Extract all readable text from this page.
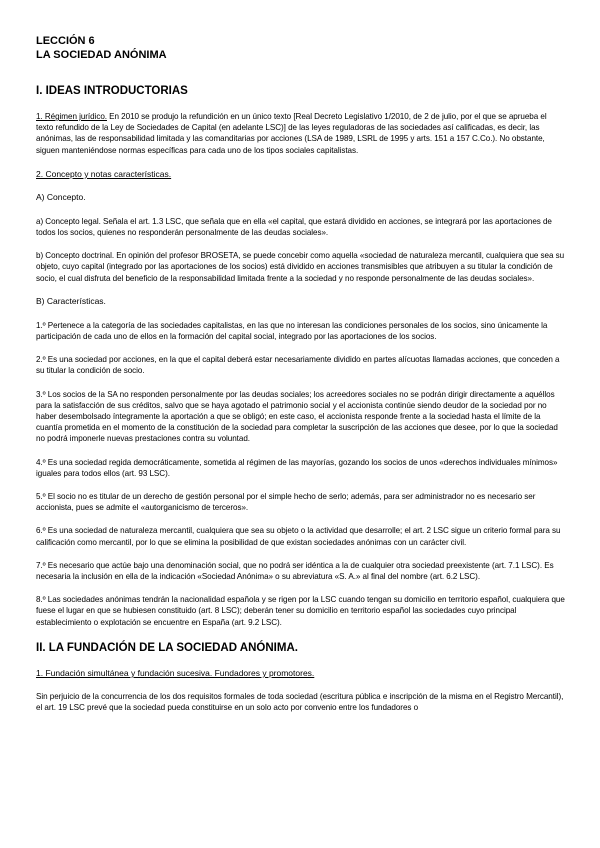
LECCIÓN 6

LA SOCIEDAD ANÓNIMA

I. IDEAS INTRODUCTORIAS

1. Régimen jurídico. En 2010 se produjo la refundición en un único texto [Real Decreto Legislativo 1/2010, de 2 de julio, por el que se aprueba el texto refundido de la Ley de Sociedades de Capital (en adelante LSC)] de las leyes reguladoras de las sociedades así calificadas, es decir, las anónimas, las de responsabilidad limitada y las comanditarias por acciones (LSA de 1989, LSRL de 1995 y arts. 151 a 157 C.Co.). No obstante, siguen manteniéndose normas específicas para cada uno de los tipos sociales capitalistas.

2. Concepto y notas características.

A) Concepto.

a) Concepto legal. Señala el art. 1.3 LSC, que señala que en ella «el capital, que estará dividido en acciones, se integrará por las aportaciones de todos los socios, quienes no responderán personalmente de las deudas sociales».

b) Concepto doctrinal. En opinión del profesor BROSETA, se puede concebir como aquella «sociedad de naturaleza mercantil, cualquiera que sea su objeto, cuyo capital (integrado por las aportaciones de los socios) está dividido en acciones transmisibles que atribuyen a su titular la condición de socio, el cual disfruta del beneficio de la responsabilidad limitada frente a la sociedad y no responde personalmente de las deudas sociales».

B) Características.

1.º Pertenece a la categoría de las sociedades capitalistas, en las que no interesan las condiciones personales de los socios, sino únicamente la participación de cada uno de ellos en la formación del capital social, integrado por las aportaciones de los socios.

2.º Es una sociedad por acciones, en la que el capital deberá estar necesariamente dividido en partes alícuotas llamadas acciones, que conceden a su titular la condición de socio.

3.º Los socios de la SA no responden personalmente por las deudas sociales; los acreedores sociales no se podrán dirigir directamente a aquéllos para la satisfacción de sus créditos, salvo que se haya agotado el patrimonio social y el accionista continúe siendo deudor de la sociedad por no haber desembolsado íntegramente la aportación a que se obligó; en este caso, el accionista responde frente a la sociedad hasta el límite de la cuantía prometida en el momento de la constitución de la sociedad para completar la suscripción de las acciones que desee, por lo que la sociedad no podrá imponerle nuevas prestaciones contra su voluntad.

4.º Es una sociedad regida democráticamente, sometida al régimen de las mayorías, gozando los socios de unos «derechos individuales mínimos» iguales para todos ellos (art. 93 LSC).

5.º El socio no es titular de un derecho de gestión personal por el simple hecho de serlo; además, para ser administrador no es necesario ser accionista, pues se admite el «autorganicismo de terceros».

6.º Es una sociedad de naturaleza mercantil, cualquiera que sea su objeto o la actividad que desarrolle; el art. 2 LSC sigue un criterio formal para su calificación como mercantil, por lo que se elimina la posibilidad de que existan sociedades anónimas con un carácter civil.

7.º Es necesario que actúe bajo una denominación social, que no podrá ser idéntica a la de cualquier otra sociedad preexistente (art. 7.1 LSC). Es necesaria la inclusión en ella de la indicación «Sociedad Anónima» o su abreviatura «S. A.» al final del nombre (art. 6.2 LSC).

8.º Las sociedades anónimas tendrán la nacionalidad española y se rigen por la LSC cuando tengan su domicilio en territorio español, cualquiera que fuese el lugar en que se hubiesen constituido (art. 8 LSC); deberán tener su domicilio en territorio español las sociedades cuyo principal establecimiento o explotación se encuentre en España (art. 9.2 LSC).

II. LA FUNDACIÓN DE LA SOCIEDAD ANÓNIMA.

1. Fundación simultánea y fundación sucesiva. Fundadores y promotores.

Sin perjuicio de la concurrencia de los dos requisitos formales de toda sociedad (escritura pública e inscripción de la misma en el Registro Mercantil), el art. 19 LSC prevé que la sociedad pueda constituirse en un solo acto por convenio entre los fundadores o
